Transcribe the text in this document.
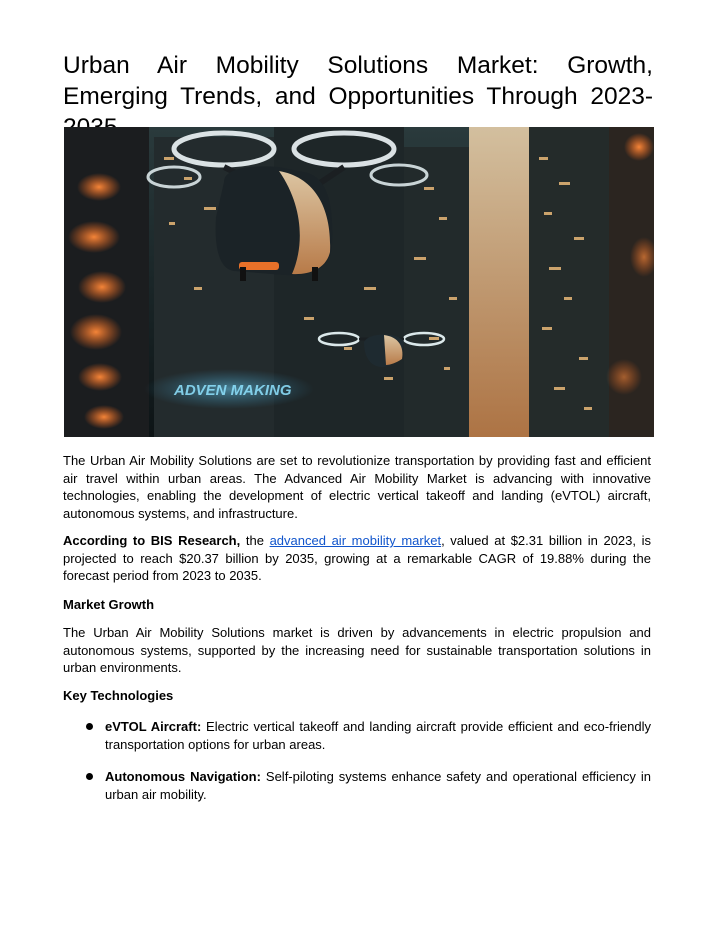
Urban Air Mobility Solutions Market: Growth, Emerging Trends, and Opportunities Through 2023-
ADVEN MAKING

The Urban Air Mobility Solutions are set to revolutionize transportation by providing fast and efficient air travel within urban areas. The Advanced Air Mobility Market is advancing with innovative technologies, enabling the development of electric vertical takeoff and landing (eVTOL) aircraft, autonomous systems, and infrastructure.

According to BIS Research, the advanced air mobility market, valued at $2.31 billion in 2023, is projected to reach $20.37 billion by 2035, growing at a remarkable CAGR of 19.88% during the forecast period from 2023 to 2035.

Market Growth

The Urban Air Mobility Solutions market is driven by advancements in electric propulsion and autonomous systems, supported by the increasing need for sustainable transportation solutions in urban environments.

Key Technologies
eVTOL Aircraft: Electric vertical takeoff and landing aircraft provide efficient and eco-friendly transportation options for urban areas.
Autonomous Navigation: Self-piloting systems enhance safety and operational efficiency in urban air mobility.
